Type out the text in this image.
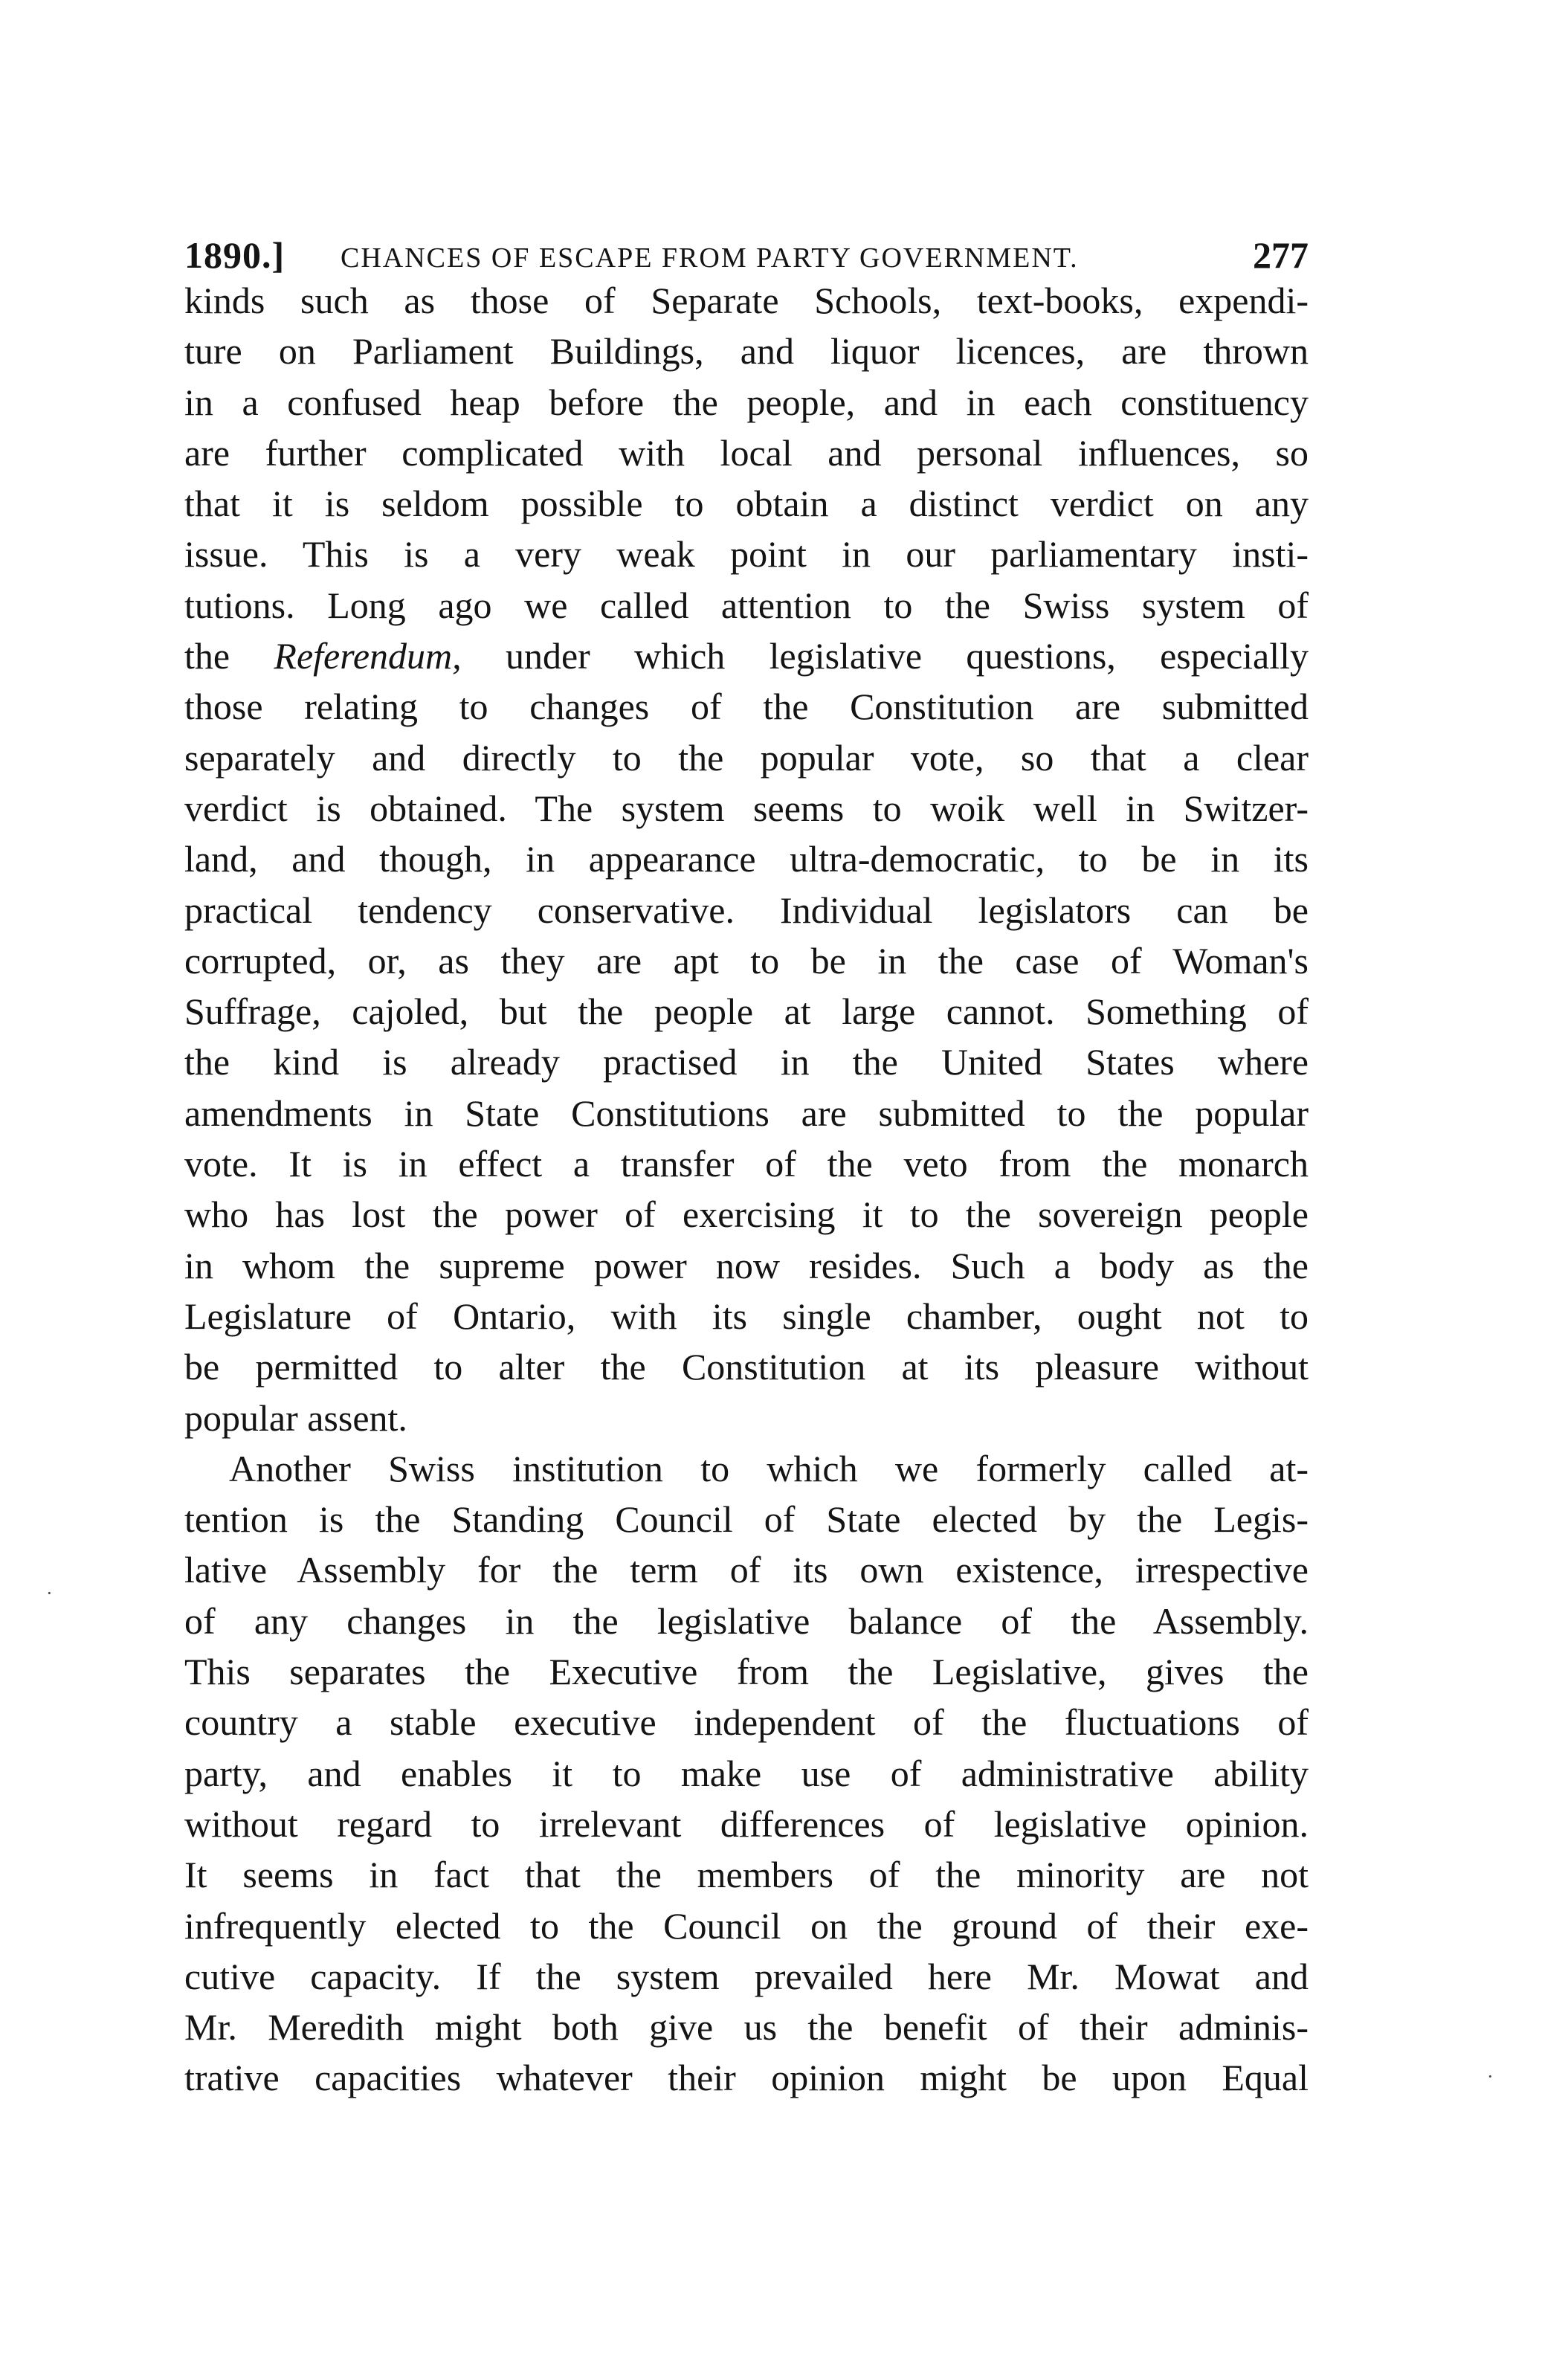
1890.] CHANCES OF ESCAPE FROM PARTY GOVERNMENT.	277
kinds such as those of Separate Schools, text-books, expendi-
ture on Parliament Buildings, and liquor licences, are thrown
in a confused heap before the people, and in each constituency
are further complicated with local and personal influences, so
that it is seldom possible to obtain a distinct verdict on any
issue. This is a very weak point in our parliamentary insti-
tutions. Long ago we called attention to the Swiss system of
the Referendum, under which legislative questions, especially
those relating to changes of the Constitution are submitted
separately and directly to the popular vote, so that a clear
verdict is obtained. The system seems to woik well in Switzer-
land, and though, in appearance ultra-democratic, to be in its
practical tendency conservative. Individual legislators can be
corrupted, or, as they are apt to be in the case of Woman's
Suffrage, cajoled, but the people at large cannot. Something of
the kind is already practised in the United States where
amendments in State Constitutions are submitted to the popular
vote. It is in effect a transfer of the veto from the monarch
who has lost the power of exercising it to the sovereign people
in whom the supreme power now resides. Such a body as the
Legislature of Ontario, with its single chamber, ought not to
be permitted to alter the Constitution at its pleasure without
popular assent.
Another Swiss institution to which we formerly called at-
tention is the Standing Council of State elected by the Legis-
lative Assembly for the term of its own existence, irrespective
of any changes in the legislative balance of the Assembly.
This separates the Executive from the Legislative, gives the
country a stable executive independent of the fluctuations of
party, and enables it to make use of administrative ability
without regard to irrelevant differences of legislative opinion.
It seems in fact that the members of the minority are not
infrequently elected to the Council on the ground of their exe-
cutive capacity. If the system prevailed here Mr. Mowat and
Mr. Meredith might both give us the benefit of their adminis-
trative capacities whatever their opinion might be upon Equal
·
·
